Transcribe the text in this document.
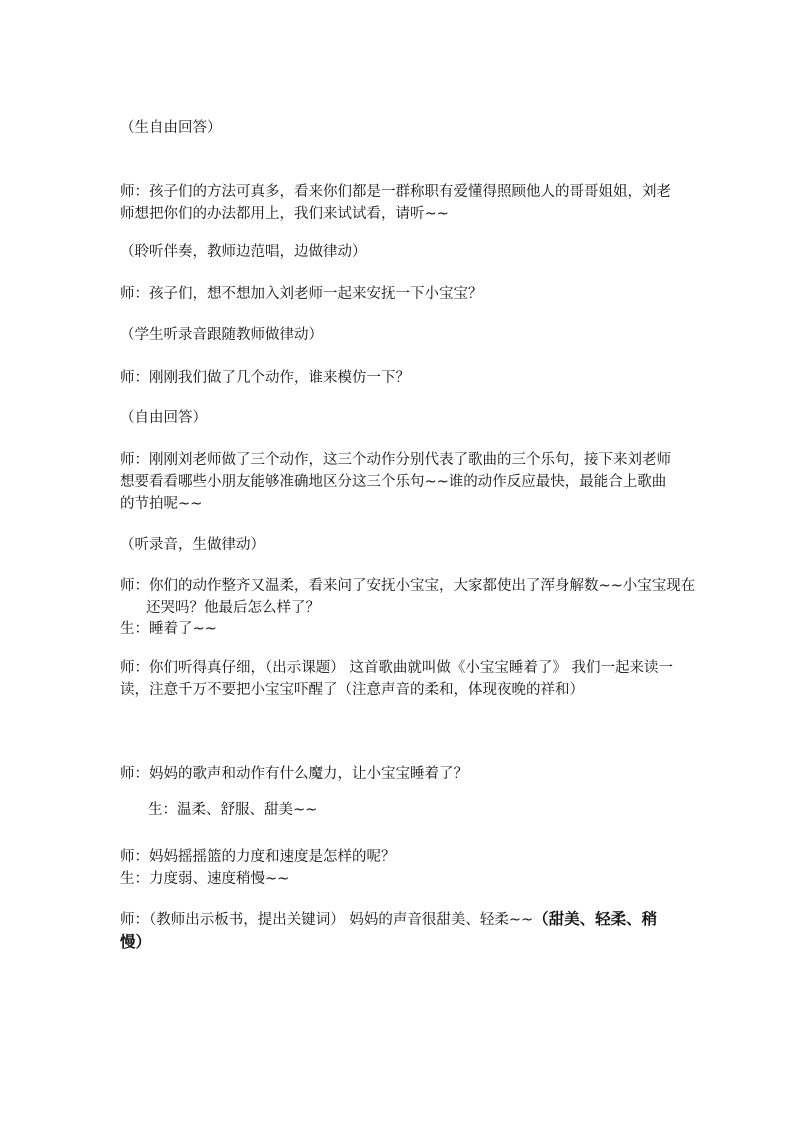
（生自由回答）
师：孩子们的方法可真多，看来你们都是一群称职有爱懂得照顾他人的哥哥姐姐，刘老师想把你们的办法都用上，我们来试试看，请听~~
（聆听伴奏，教师边范唱，边做律动）
师：孩子们，想不想加入刘老师一起来安抚一下小宝宝？
（学生听录音跟随教师做律动）
师：刚刚我们做了几个动作，谁来模仿一下？
（自由回答）
师：刚刚刘老师做了三个动作，这三个动作分别代表了歌曲的三个乐句，接下来刘老师想要看看哪些小朋友能够准确地区分这三个乐句~~谁的动作反应最快，最能合上歌曲的节拍呢~~
（听录音，生做律动）
师：你们的动作整齐又温柔，看来问了安抚小宝宝，大家都使出了浑身解数~~小宝宝现在还哭吗？他最后怎么样了？
生：睡着了~~
师：你们听得真仔细，（出示课题） 这首歌曲就叫做《小宝宝睡着了》 我们一起来读一读，注意千万不要把小宝宝吓醒了（注意声音的柔和，体现夜晚的祥和）
师：妈妈的歌声和动作有什么魔力，让小宝宝睡着了？
生：温柔、舒服、甜美~~
师：妈妈摇摇篮的力度和速度是怎样的呢？
生：力度弱、速度稍慢~~
师：（教师出示板书，提出关键词） 妈妈的声音很甜美、轻柔~~（甜美、轻柔、稍慢）
